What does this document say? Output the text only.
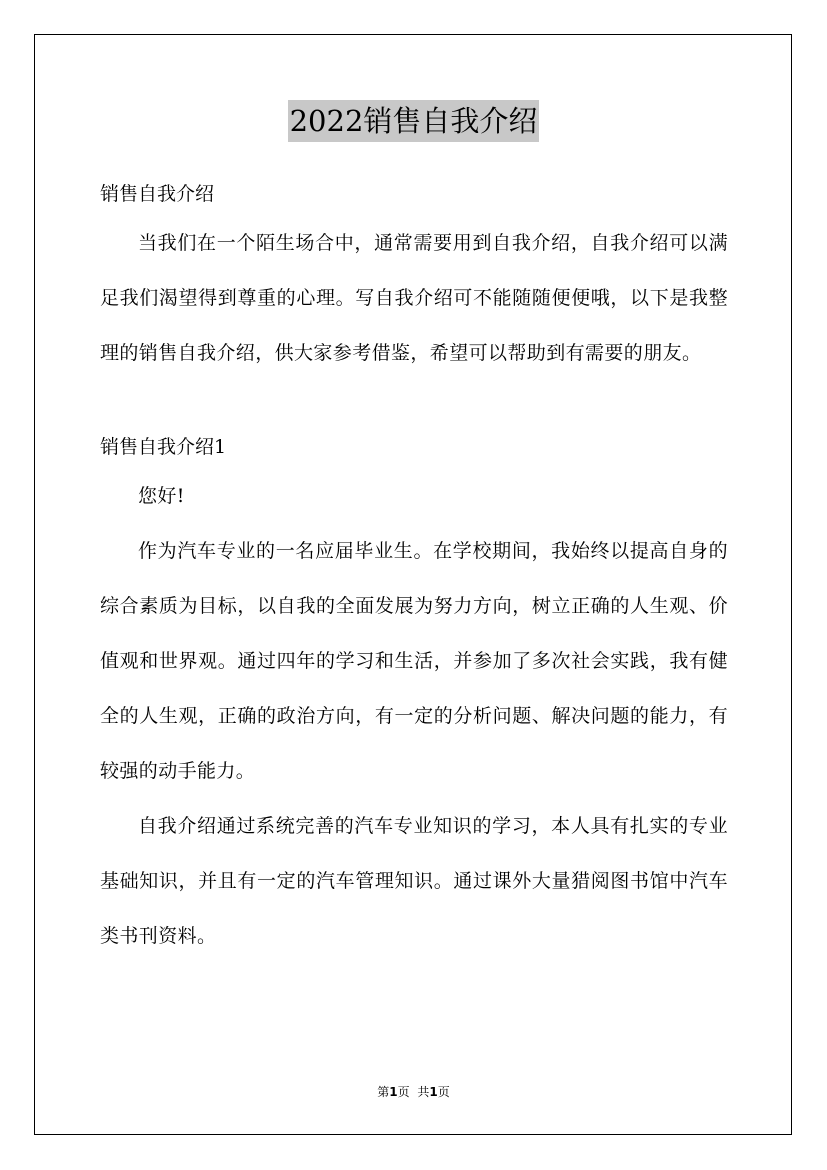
2022销售自我介绍

销售自我介绍

当我们在一个陌生场合中，通常需要用到自我介绍，自我介绍可以满足我们渴望得到尊重的心理。写自我介绍可不能随随便便哦，以下是我整理的销售自我介绍，供大家参考借鉴，希望可以帮助到有需要的朋友。

销售自我介绍1

您好!

作为汽车专业的一名应届毕业生。在学校期间，我始终以提高自身的综合素质为目标，以自我的全面发展为努力方向，树立正确的人生观、价值观和世界观。通过四年的学习和生活，并参加了多次社会实践，我有健全的人生观，正确的政治方向，有一定的分析问题、解决问题的能力，有较强的动手能力。

自我介绍通过系统完善的汽车专业知识的学习，本人具有扎实的专业基础知识，并且有一定的汽车管理知识。通过课外大量猎阅图书馆中汽车类书刊资料。

第1页 共1页
